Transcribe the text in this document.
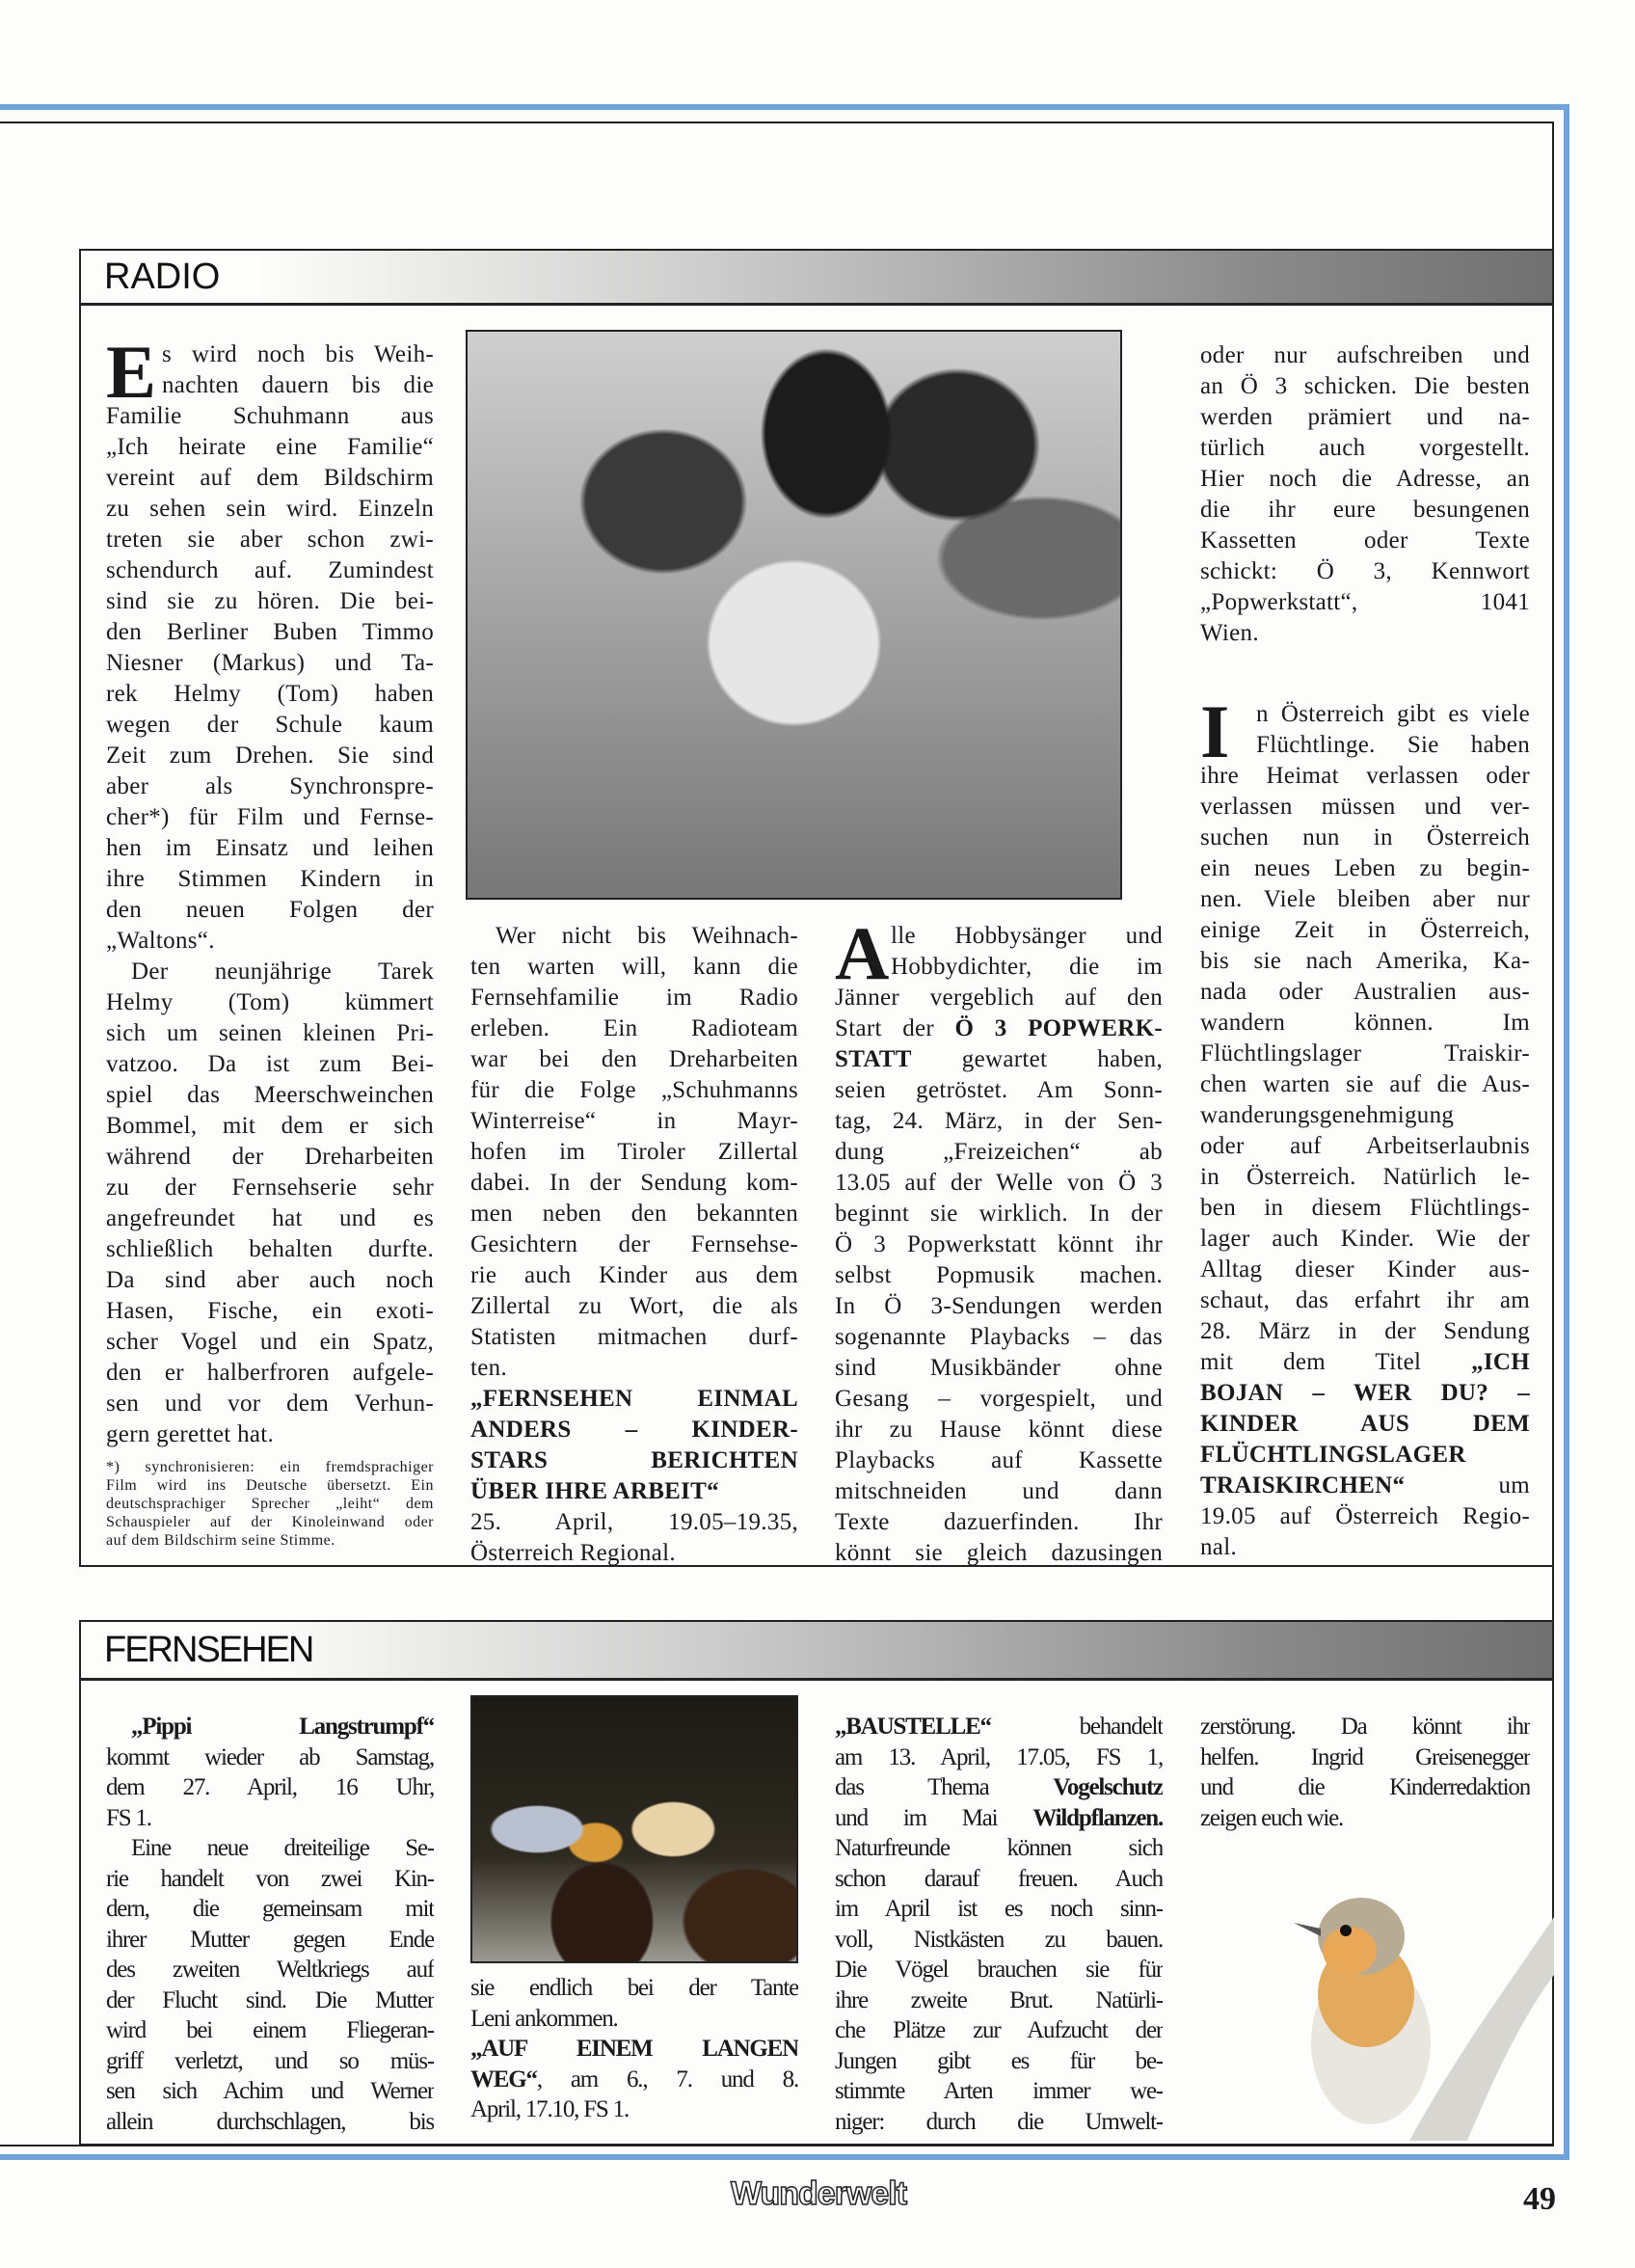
RADIO
E s wird noch bis Weih-
nachten dauern bis die
Familie Schuhmann aus
„Ich heirate eine Familie“
vereint auf dem Bildschirm
zu sehen sein wird. Einzeln
treten sie aber schon zwi-
schendurch auf. Zumindest
sind sie zu hören. Die bei-
den Berliner Buben Timmo
Niesner (Markus) und Ta-
rek Helmy (Tom) haben
wegen der Schule kaum
Zeit zum Drehen. Sie sind
aber als Synchronspre-
cher*) für Film und Fernse-
hen im Einsatz und leihen
ihre Stimmen Kindern in
den neuen Folgen der
„Waltons“.
Der neunjährige Tarek
Helmy (Tom) kümmert
sich um seinen kleinen Pri-
vatzoo. Da ist zum Bei-
spiel das Meerschweinchen
Bommel, mit dem er sich
während der Dreharbeiten
zu der Fernsehserie sehr
angefreundet hat und es
schließlich behalten durfte.
Da sind aber auch noch
Hasen, Fische, ein exoti-
scher Vogel und ein Spatz,
den er halberfroren aufgele-
sen und vor dem Verhun-
gern gerettet hat.
*) synchronisieren: ein fremdsprachiger
Film wird ins Deutsche übersetzt. Ein
deutschsprachiger Sprecher „leiht“ dem
Schauspieler auf der Kinoleinwand oder
auf dem Bildschirm seine Stimme.
Wer nicht bis Weihnach-
ten warten will, kann die
Fernsehfamilie im Radio
erleben. Ein Radioteam
war bei den Dreharbeiten
für die Folge „Schuhmanns
Winterreise“ in Mayr-
hofen im Tiroler Zillertal
dabei. In der Sendung kom-
men neben den bekannten
Gesichtern der Fernsehse-
rie auch Kinder aus dem
Zillertal zu Wort, die als
Statisten mitmachen durf-
ten.
„FERNSEHEN EINMAL
ANDERS – KINDER-
STARS BERICHTEN
ÜBER IHRE ARBEIT“
25. April, 19.05–19.35,
Österreich Regional.
A lle Hobbysänger und
Hobbydichter, die im
Jänner vergeblich auf den
Start der Ö 3 POPWERK-
STATT gewartet haben,
seien getröstet. Am Sonn-
tag, 24. März, in der Sen-
dung „Freizeichen“ ab
13.05 auf der Welle von Ö 3
beginnt sie wirklich. In der
Ö 3 Popwerkstatt könnt ihr
selbst Popmusik machen.
In Ö 3-Sendungen werden
sogenannte Playbacks – das
sind Musikbänder ohne
Gesang – vorgespielt, und
ihr zu Hause könnt diese
Playbacks auf Kassette
mitschneiden und dann
Texte dazuerfinden. Ihr
könnt sie gleich dazusingen
oder nur aufschreiben und
an Ö 3 schicken. Die besten
werden prämiert und na-
türlich auch vorgestellt.
Hier noch die Adresse, an
die ihr eure besungenen
Kassetten oder Texte
schickt: Ö 3, Kennwort
„Popwerkstatt“, 1041
Wien.
I	n Österreich gibt es viele
Flüchtlinge. Sie haben
ihre Heimat verlassen oder
verlassen müssen und ver-
suchen nun in Österreich
ein neues Leben zu begin-
nen. Viele bleiben aber nur
einige Zeit in Österreich,
bis sie nach Amerika, Ka-
nada oder Australien aus-
wandern können. Im
Flüchtlingslager Traiskir-
chen warten sie auf die Aus-
wanderungsgenehmigung
oder auf Arbeitserlaubnis
in Österreich. Natürlich le-
ben in diesem Flüchtlings-
lager auch Kinder. Wie der
Alltag dieser Kinder aus-
schaut, das erfahrt ihr am
28. März in der Sendung
mit dem Titel „ICH
BOJAN – WER DU? –
KINDER AUS DEM
FLÜCHTLINGSLAGER
TRAISKIRCHEN“ um
19.05 auf Österreich Regio-
nal.
FERNSEHEN
„Pippi Langstrumpf“
kommt wieder ab Samstag,
dem 27. April, 16 Uhr,
FS 1.
Eine neue dreiteilige Se-
rie handelt von zwei Kin-
dern, die gemeinsam mit
ihrer Mutter gegen Ende
des zweiten Weltkriegs auf
der Flucht sind. Die Mutter
wird bei einem Fliegeran-
griff verletzt, und so müs-
sen sich Achim und Werner
allein durchschlagen, bis
sie endlich bei der Tante
Leni ankommen.
„AUF EINEM LANGEN
WEG“, am 6., 7. und 8.
April, 17.10, FS 1.
„BAUSTELLE“ behandelt
am 13. April, 17.05, FS 1,
das Thema Vogelschutz
und im Mai Wildpflanzen.
Naturfreunde können sich
schon darauf freuen. Auch
im April ist es noch sinn-
voll, Nistkästen zu bauen.
Die Vögel brauchen sie für
ihre zweite Brut. Natürli-
che Plätze zur Aufzucht der
Jungen gibt es für be-
stimmte Arten immer we-
niger: durch die Umwelt-
zerstörung. Da könnt ihr
helfen. Ingrid Greisenegger
und die Kinderredaktion
zeigen euch wie.
Wunderwelt	49
